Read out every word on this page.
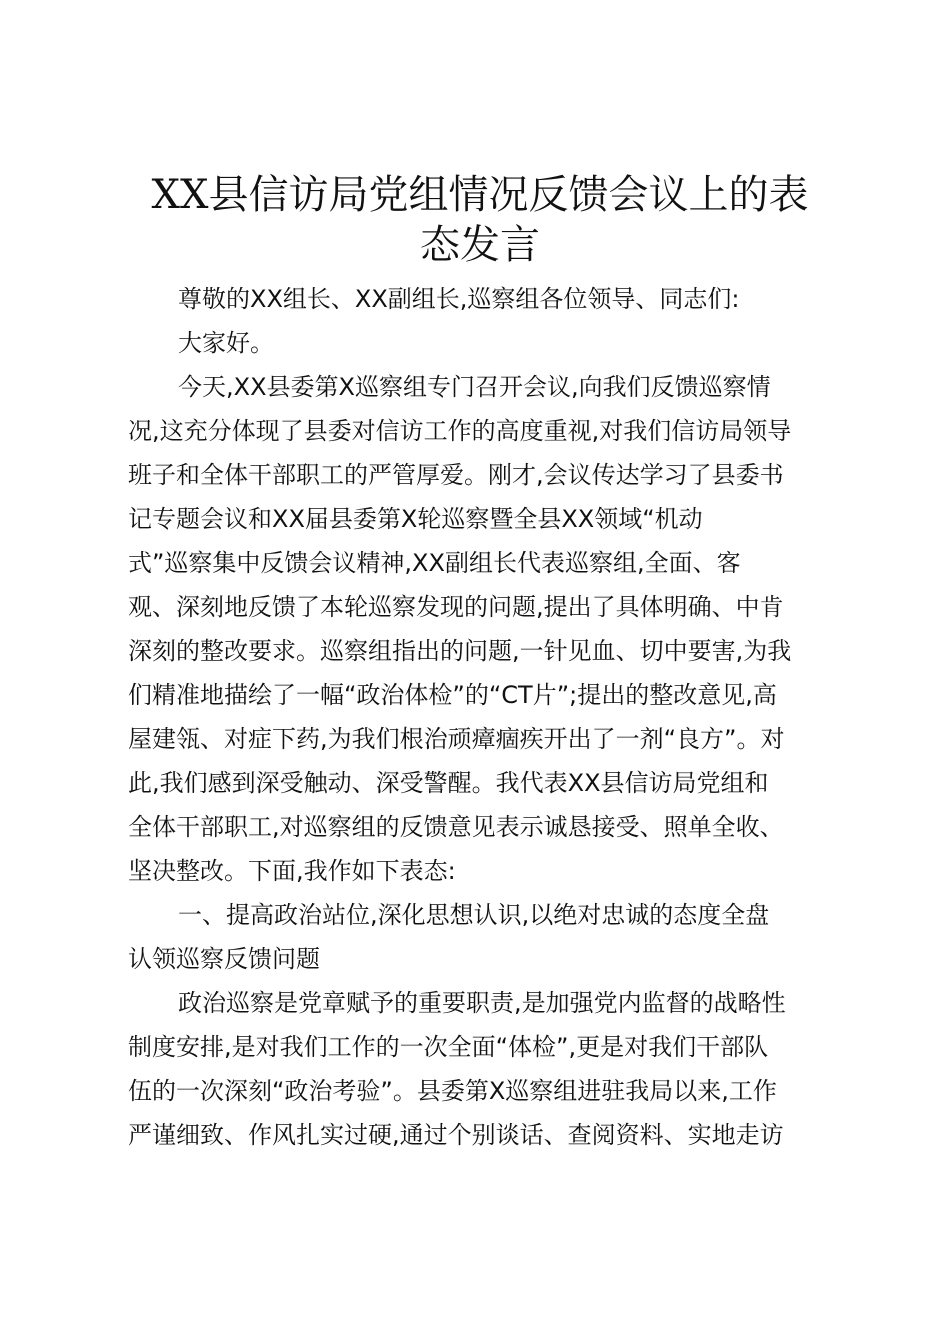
XX县信访局党组情况反馈会议上的表
态发言
尊敬的XX组长、XX副组长,巡察组各位领导、同志们:
大家好。
今天,XX县委第X巡察组专门召开会议,向我们反馈巡察情
况,这充分体现了县委对信访工作的高度重视,对我们信访局领导
班子和全体干部职工的严管厚爱。刚才,会议传达学习了县委书
记专题会议和XX届县委第X轮巡察暨全县XX领域“机动
式”巡察集中反馈会议精神,XX副组长代表巡察组,全面、客
观、深刻地反馈了本轮巡察发现的问题,提出了具体明确、中肯
深刻的整改要求。巡察组指出的问题,一针见血、切中要害,为我
们精准地描绘了一幅“政治体检”的“CT片”;提出的整改意见,高
屋建瓴、对症下药,为我们根治顽瘴痼疾开出了一剂“良方”。对
此,我们感到深受触动、深受警醒。我代表XX县信访局党组和
全体干部职工,对巡察组的反馈意见表示诚恳接受、照单全收、
坚决整改。下面,我作如下表态:
一、提高政治站位,深化思想认识,以绝对忠诚的态度全盘
认领巡察反馈问题
政治巡察是党章赋予的重要职责,是加强党内监督的战略性
制度安排,是对我们工作的一次全面“体检”,更是对我们干部队
伍的一次深刻“政治考验”。县委第X巡察组进驻我局以来,工作
严谨细致、作风扎实过硬,通过个别谈话、查阅资料、实地走访
